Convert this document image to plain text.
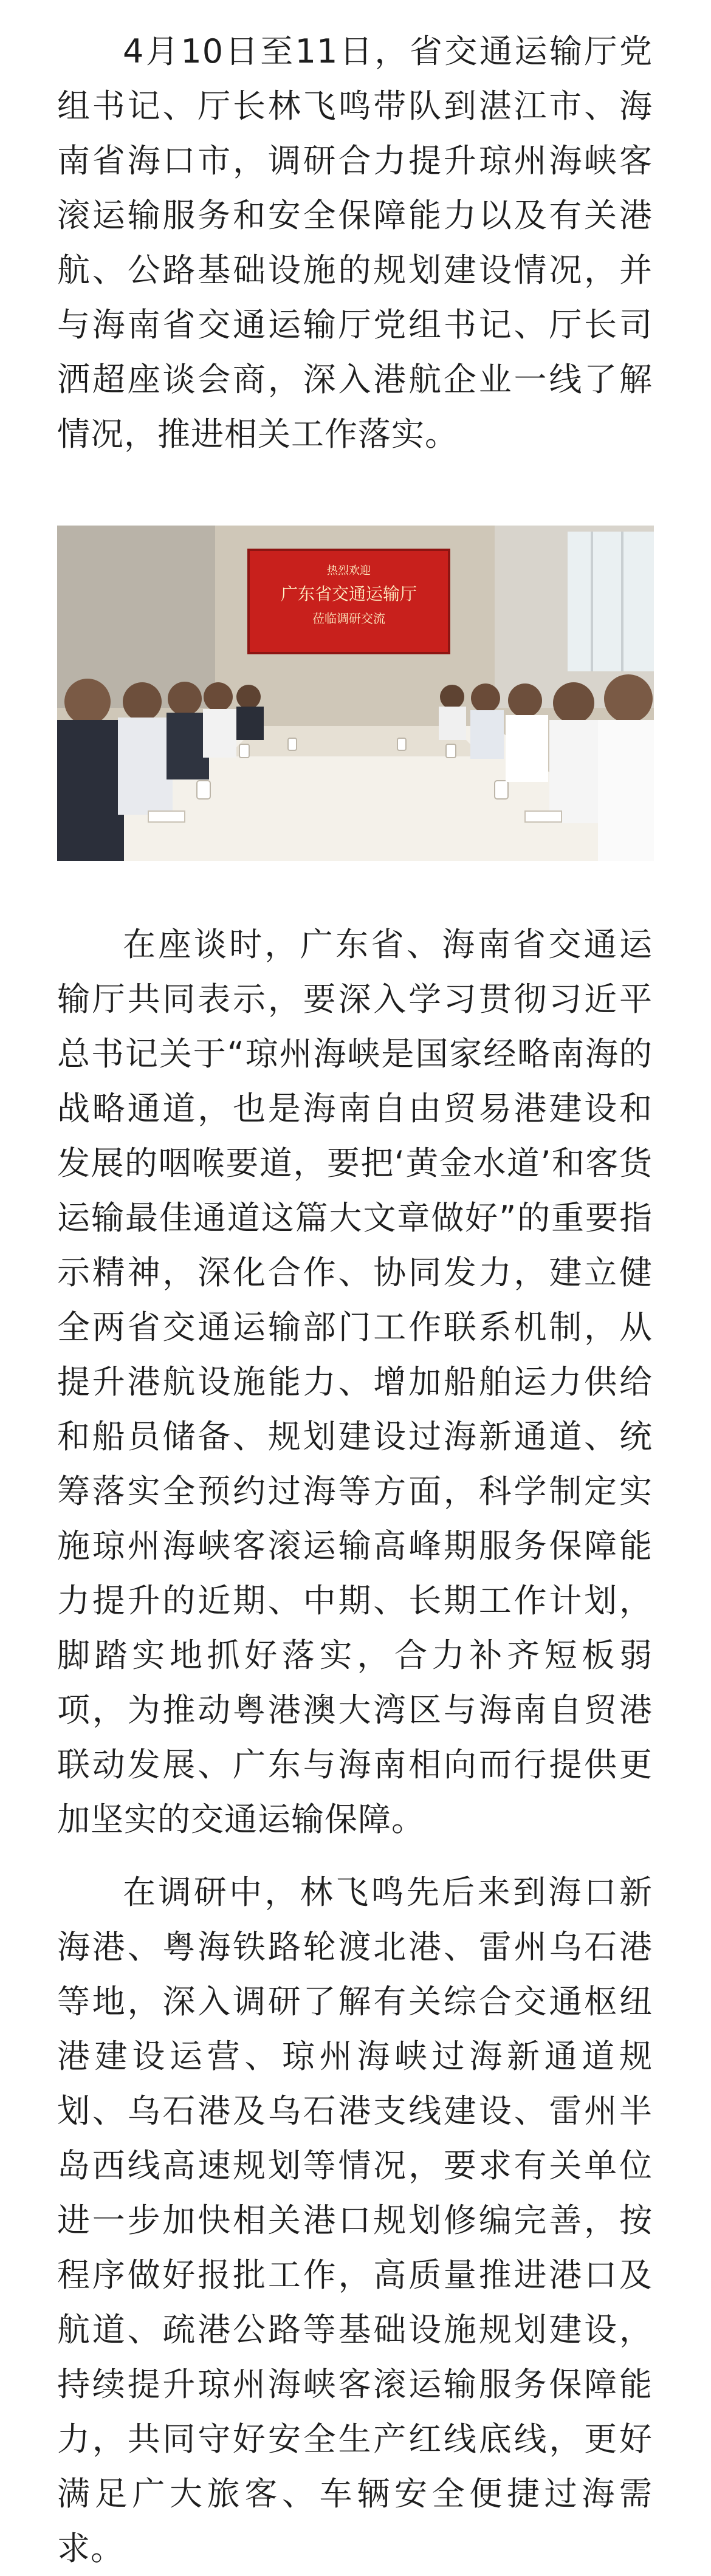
4月10日至11日，省交通运输厅党组书记、厅长林飞鸣带队到湛江市、海南省海口市，调研合力提升琼州海峡客滚运输服务和安全保障能力以及有关港航、公路基础设施的规划建设情况，并与海南省交通运输厅党组书记、厅长司洒超座谈会商，深入港航企业一线了解情况，推进相关工作落实。

热烈欢迎
广东省交通运输厅
莅临调研交流

在座谈时，广东省、海南省交通运输厅共同表示，要深入学习贯彻习近平总书记关于“琼州海峡是国家经略南海的战略通道，也是海南自由贸易港建设和发展的咽喉要道，要把‘黄金水道’和客货运输最佳通道这篇大文章做好”的重要指示精神，深化合作、协同发力，建立健全两省交通运输部门工作联系机制，从提升港航设施能力、增加船舶运力供给和船员储备、规划建设过海新通道、统筹落实全预约过海等方面，科学制定实施琼州海峡客滚运输高峰期服务保障能力提升的近期、中期、长期工作计划，脚踏实地抓好落实，合力补齐短板弱项，为推动粤港澳大湾区与海南自贸港联动发展、广东与海南相向而行提供更加坚实的交通运输保障。

在调研中，林飞鸣先后来到海口新海港、粤海铁路轮渡北港、雷州乌石港等地，深入调研了解有关综合交通枢纽港建设运营、琼州海峡过海新通道规划、乌石港及乌石港支线建设、雷州半岛西线高速规划等情况，要求有关单位进一步加快相关港口规划修编完善，按程序做好报批工作，高质量推进港口及航道、疏港公路等基础设施规划建设，持续提升琼州海峡客滚运输服务保障能力，共同守好安全生产红线底线，更好满足广大旅客、车辆安全便捷过海需求。
